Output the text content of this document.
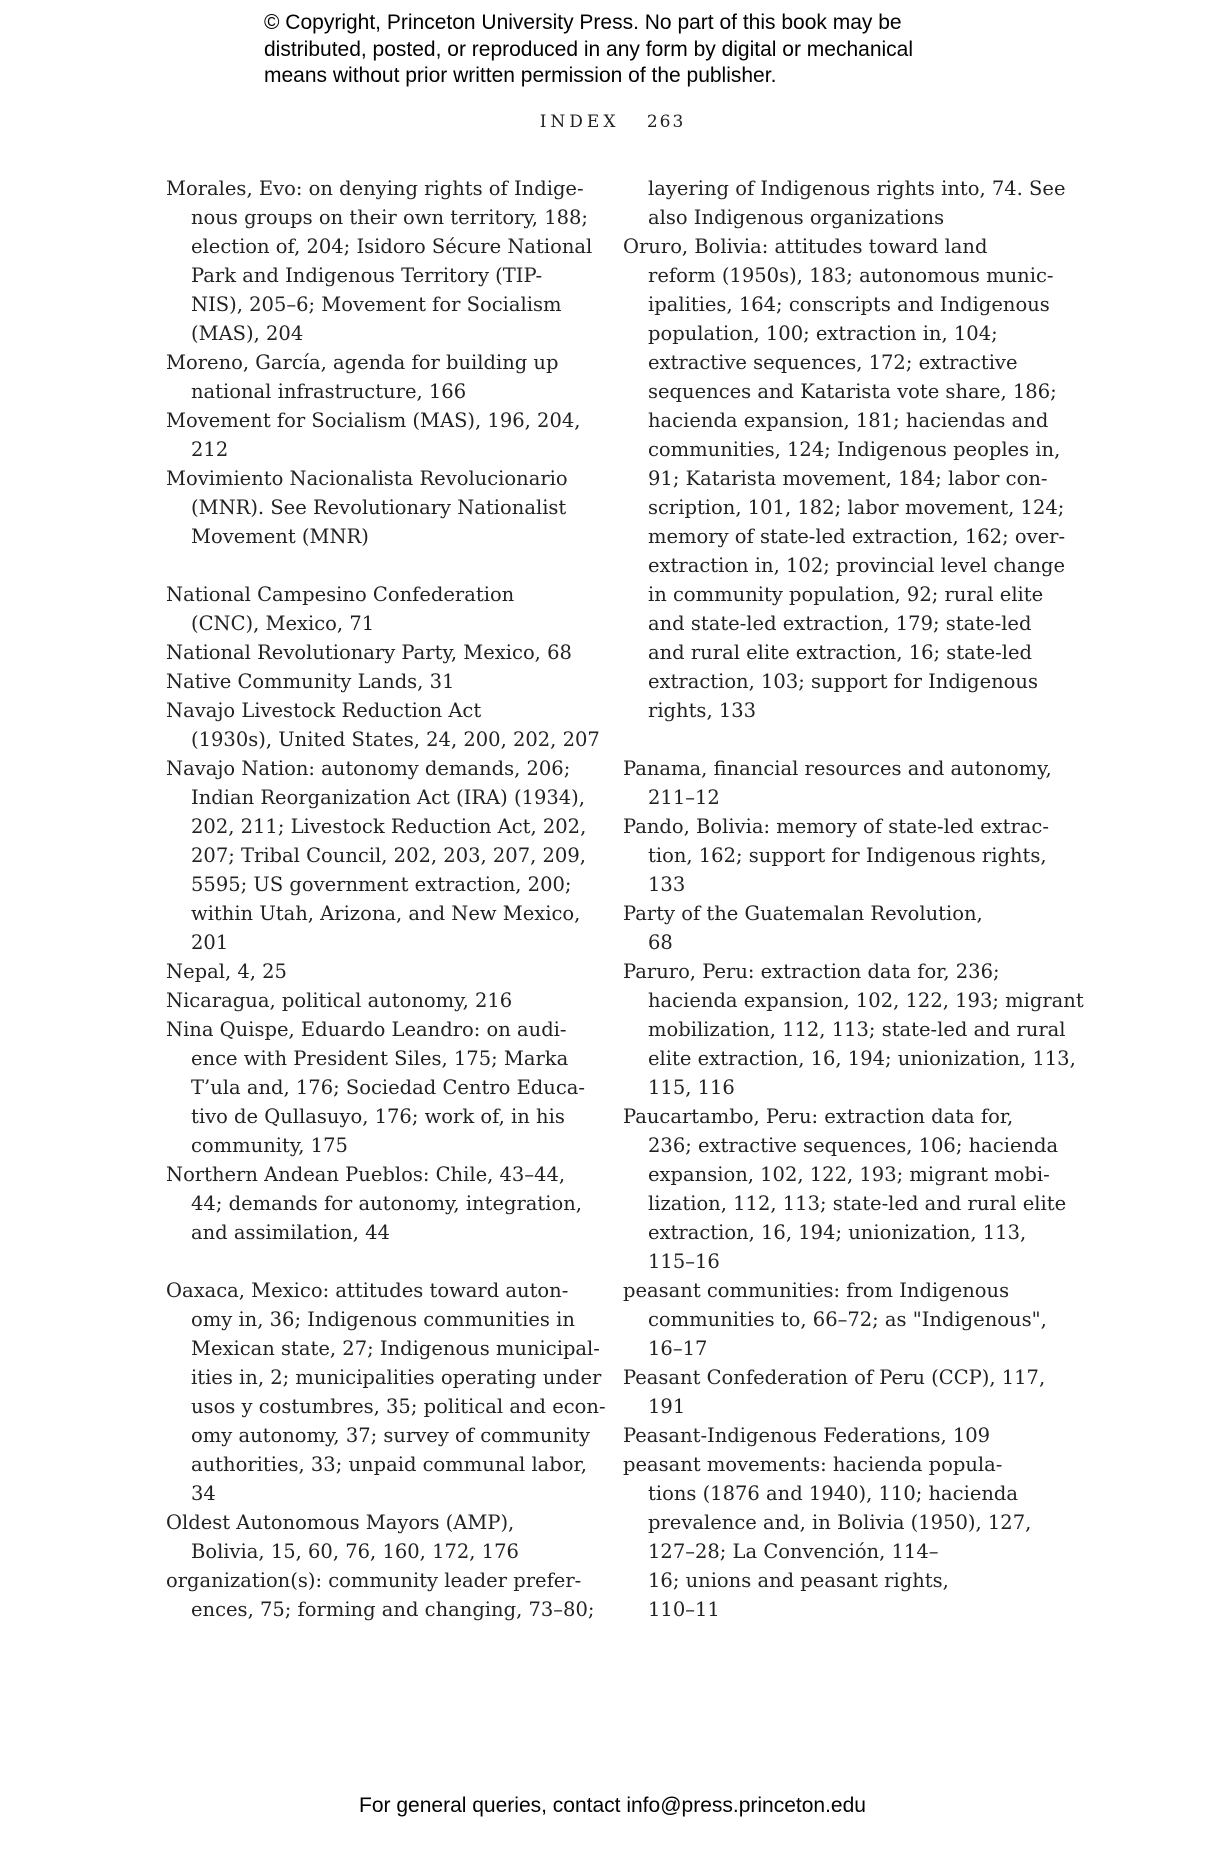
© Copyright, Princeton University Press. No part of this book may be
distributed, posted, or reproduced in any form by digital or mechanical
means without prior written permission of the publisher.
INDEX 263
Morales, Evo: on denying rights of Indige-
nous groups on their own territory, 188;
election of, 204; Isidoro Sécure National
Park and Indigenous Territory (TIP-
NIS), 205–6; Movement for Socialism
(MAS), 204
Moreno, García, agenda for building up
national infrastructure, 166
Movement for Socialism (MAS), 196, 204,
212
Movimiento Nacionalista Revolucionario
(MNR). See Revolutionary Nationalist
Movement (MNR)
National Campesino Confederation
(CNC), Mexico, 71
National Revolutionary Party, Mexico, 68
Native Community Lands, 31
Navajo Livestock Reduction Act
(1930s), United States, 24, 200, 202, 207
Navajo Nation: autonomy demands, 206;
Indian Reorganization Act (IRA) (1934),
202, 211; Livestock Reduction Act, 202,
207; Tribal Council, 202, 203, 207, 209,
5595; US government extraction, 200;
within Utah, Arizona, and New Mexico,
201
Nepal, 4, 25
Nicaragua, political autonomy, 216
Nina Quispe, Eduardo Leandro: on audi-
ence with President Siles, 175; Marka
T’ula and, 176; Sociedad Centro Educa-
tivo de Qullasuyo, 176; work of, in his
community, 175
Northern Andean Pueblos: Chile, 43–44,
44; demands for autonomy, integration,
and assimilation, 44
Oaxaca, Mexico: attitudes toward auton-
omy in, 36; Indigenous communities in
Mexican state, 27; Indigenous municipal-
ities in, 2; municipalities operating under
usos y costumbres, 35; political and econ-
omy autonomy, 37; survey of community
authorities, 33; unpaid communal labor,
34
Oldest Autonomous Mayors (AMP),
Bolivia, 15, 60, 76, 160, 172, 176
organization(s): community leader prefer-
ences, 75; forming and changing, 73–80;
layering of Indigenous rights into, 74. See
also Indigenous organizations
Oruro, Bolivia: attitudes toward land
reform (1950s), 183; autonomous munic-
ipalities, 164; conscripts and Indigenous
population, 100; extraction in, 104;
extractive sequences, 172; extractive
sequences and Katarista vote share, 186;
hacienda expansion, 181; haciendas and
communities, 124; Indigenous peoples in,
91; Katarista movement, 184; labor con-
scription, 101, 182; labor movement, 124;
memory of state-led extraction, 162; over-
extraction in, 102; provincial level change
in community population, 92; rural elite
and state-led extraction, 179; state-led
and rural elite extraction, 16; state-led
extraction, 103; support for Indigenous
rights, 133
Panama, financial resources and autonomy,
211–12
Pando, Bolivia: memory of state-led extrac-
tion, 162; support for Indigenous rights,
133
Party of the Guatemalan Revolution,
68
Paruro, Peru: extraction data for, 236;
hacienda expansion, 102, 122, 193; migrant
mobilization, 112, 113; state-led and rural
elite extraction, 16, 194; unionization, 113,
115, 116
Paucartambo, Peru: extraction data for,
236; extractive sequences, 106; hacienda
expansion, 102, 122, 193; migrant mobi-
lization, 112, 113; state-led and rural elite
extraction, 16, 194; unionization, 113,
115–16
peasant communities: from Indigenous
communities to, 66–72; as "Indigenous",
16–17
Peasant Confederation of Peru (CCP), 117,
191
Peasant-Indigenous Federations, 109
peasant movements: hacienda popula-
tions (1876 and 1940), 110; hacienda
prevalence and, in Bolivia (1950), 127,
127–28; La Convención, 114–
16; unions and peasant rights,
110–11
For general queries, contact info@press.princeton.edu
